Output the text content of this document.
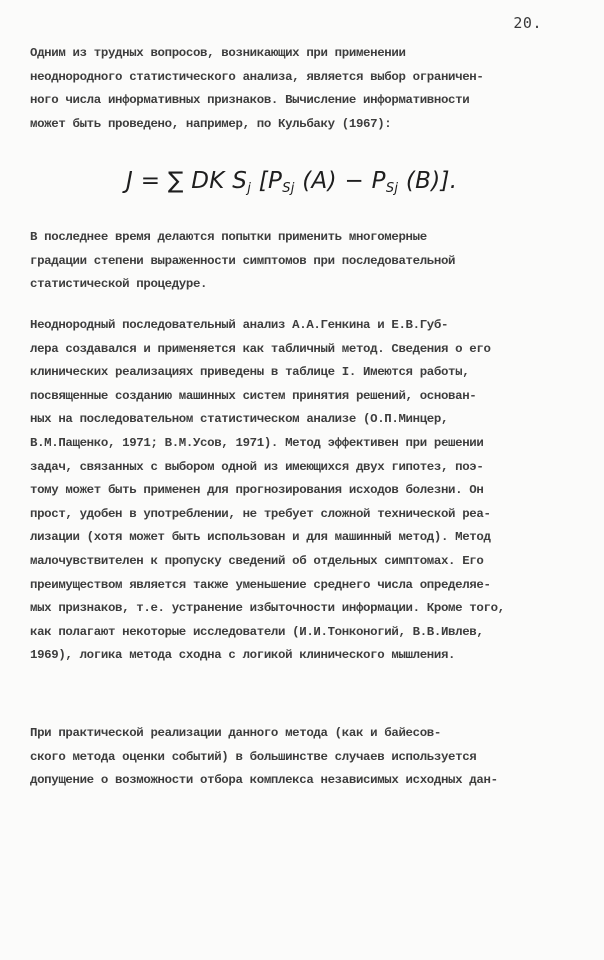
20.

Одним из трудных вопросов, возникающих при применении
неоднородного статистического анализа, является выбор ограничен-
ного числа информативных признаков. Вычисление информативности
может быть проведено, например, по Кульбаку (1967):

J = ∑ DK $S_j$ [$P_{Sj}$ $(A) - P_{Sj}$ (B)].

В последнее время делаются попытки применить многомерные
градации степени выраженности симптомов при последовательной
статистической процедуре.

Неоднородный последовательный анализ А.А.Генкина и Е.В.Губ-
лера создавался и применяется как табличный метод. Сведения о его
клинических реализациях приведены в таблице I. Имеются работы,
посвященные созданию машинных систем принятия решений, основан-
ных на последовательном статистическом анализе (О.П.Минцер,
В.М.Пащенко, 1971; В.М.Усов, 1971). Метод эффективен при решении
задач, связанных с выбором одной из имеющихся двух гипотез, поэ-
тому может быть применен для прогнозирования исходов болезни. Он
прост, удобен в употреблении, не требует сложной технической реа-
лизации (хотя может быть использован и для машинный метод). Метод
малочувствителен к пропуску сведений об отдельных симптомах. Его
преимуществом является также уменьшение среднего числа определяе-
мых признаков, т.е. устранение избыточности информации. Кроме того,
как полагают некоторые исследователи (И.И.Тонконогий, В.В.Ивлев,
1969), логика метода сходна с логикой клинического мышления.

При практической реализации данного метода (как и байесов-
ского метода оценки событий) в большинстве случаев используется
допущение о возможности отбора комплекса независимых исходных дан-
